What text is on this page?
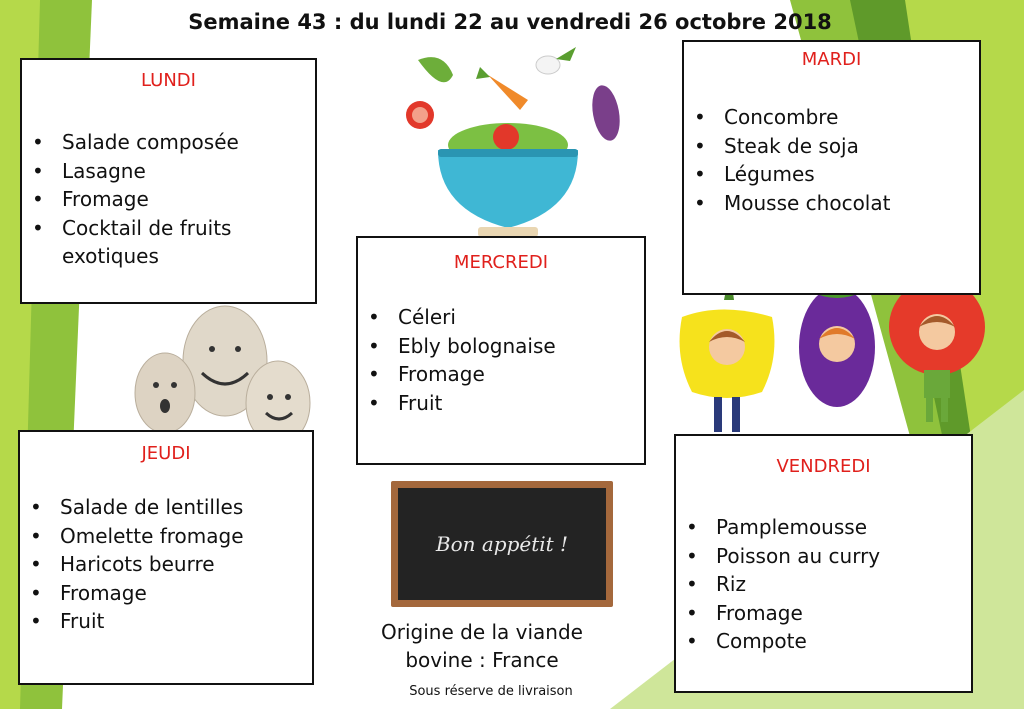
Semaine 43 : du lundi 22 au vendredi 26 octobre 2018
LUNDI
• Salade composée
• Lasagne
• Fromage
• Cocktail de fruits exotiques
MARDI
• Concombre
• Steak de soja
• Légumes
• Mousse chocolat
MERCREDI
• Céleri
• Ebly bolognaise
• Fromage
• Fruit
JEUDI
• Salade de lentilles
• Omelette fromage
• Haricots beurre
• Fromage
• Fruit
VENDREDI
• Pamplemousse
• Poisson au curry
• Riz
• Fromage
• Compote
Bon appétit !
Origine de la viande bovine : France
Sous réserve de livraison
